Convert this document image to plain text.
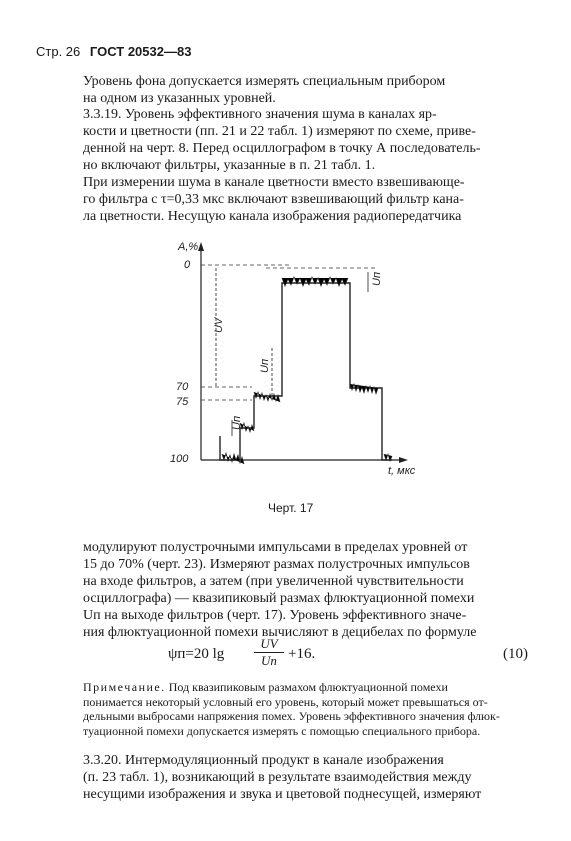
Стр. 26 ГОСТ 20532—83
Уровень фона допускается измерять специальным прибором
на одном из указанных уровней.
3.3.19. Уровень эффективного значения шума в каналах яр-
кости и цветности (пп. 21 и 22 табл. 1) измеряют по схеме, приве-
денной на черт. 8. Перед осциллографом в точку А последователь-
но включают фильтры, указанные в п. 21 табл. 1.
При измерении шума в канале цветности вместо взвешивающе-
го фильтра с τ=0,33 мкс включают взвешивающий фильтр кана-
ла цветности. Несущую канала изображения радиопередатчика
A,%
t, мкс
0
70
75
100
UV
Uп
Uп
Uп
Черт. 17
модулируют полустрочными импульсами в пределах уровней от
15 до 70% (черт. 23). Измеряют размах полустрочных импульсов
на входе фильтров, а затем (при увеличенной чувствительности
осциллографа) — квазипиковый размах флюктуационной помехи
Uп на выходе фильтров (черт. 17). Уровень эффективного значе-
ния флюктуационной помехи вычисляют в децибелах по формуле
ψп=20 lg
UV
Uп +16.	(10)
Примечание. Под квазипиковым размахом флюктуационной помехи
понимается некоторый условный его уровень, который может превышаться от-
дельными выбросами напряжения помех. Уровень эффективного значения флюк-
туационной помехи допускается измерять с помощью специального прибора.
3.3.20. Интермодуляционный продукт в канале изображения
(п. 23 табл. 1), возникающий в результате взаимодействия между
несущими изображения и звука и цветовой поднесущей, измеряют
